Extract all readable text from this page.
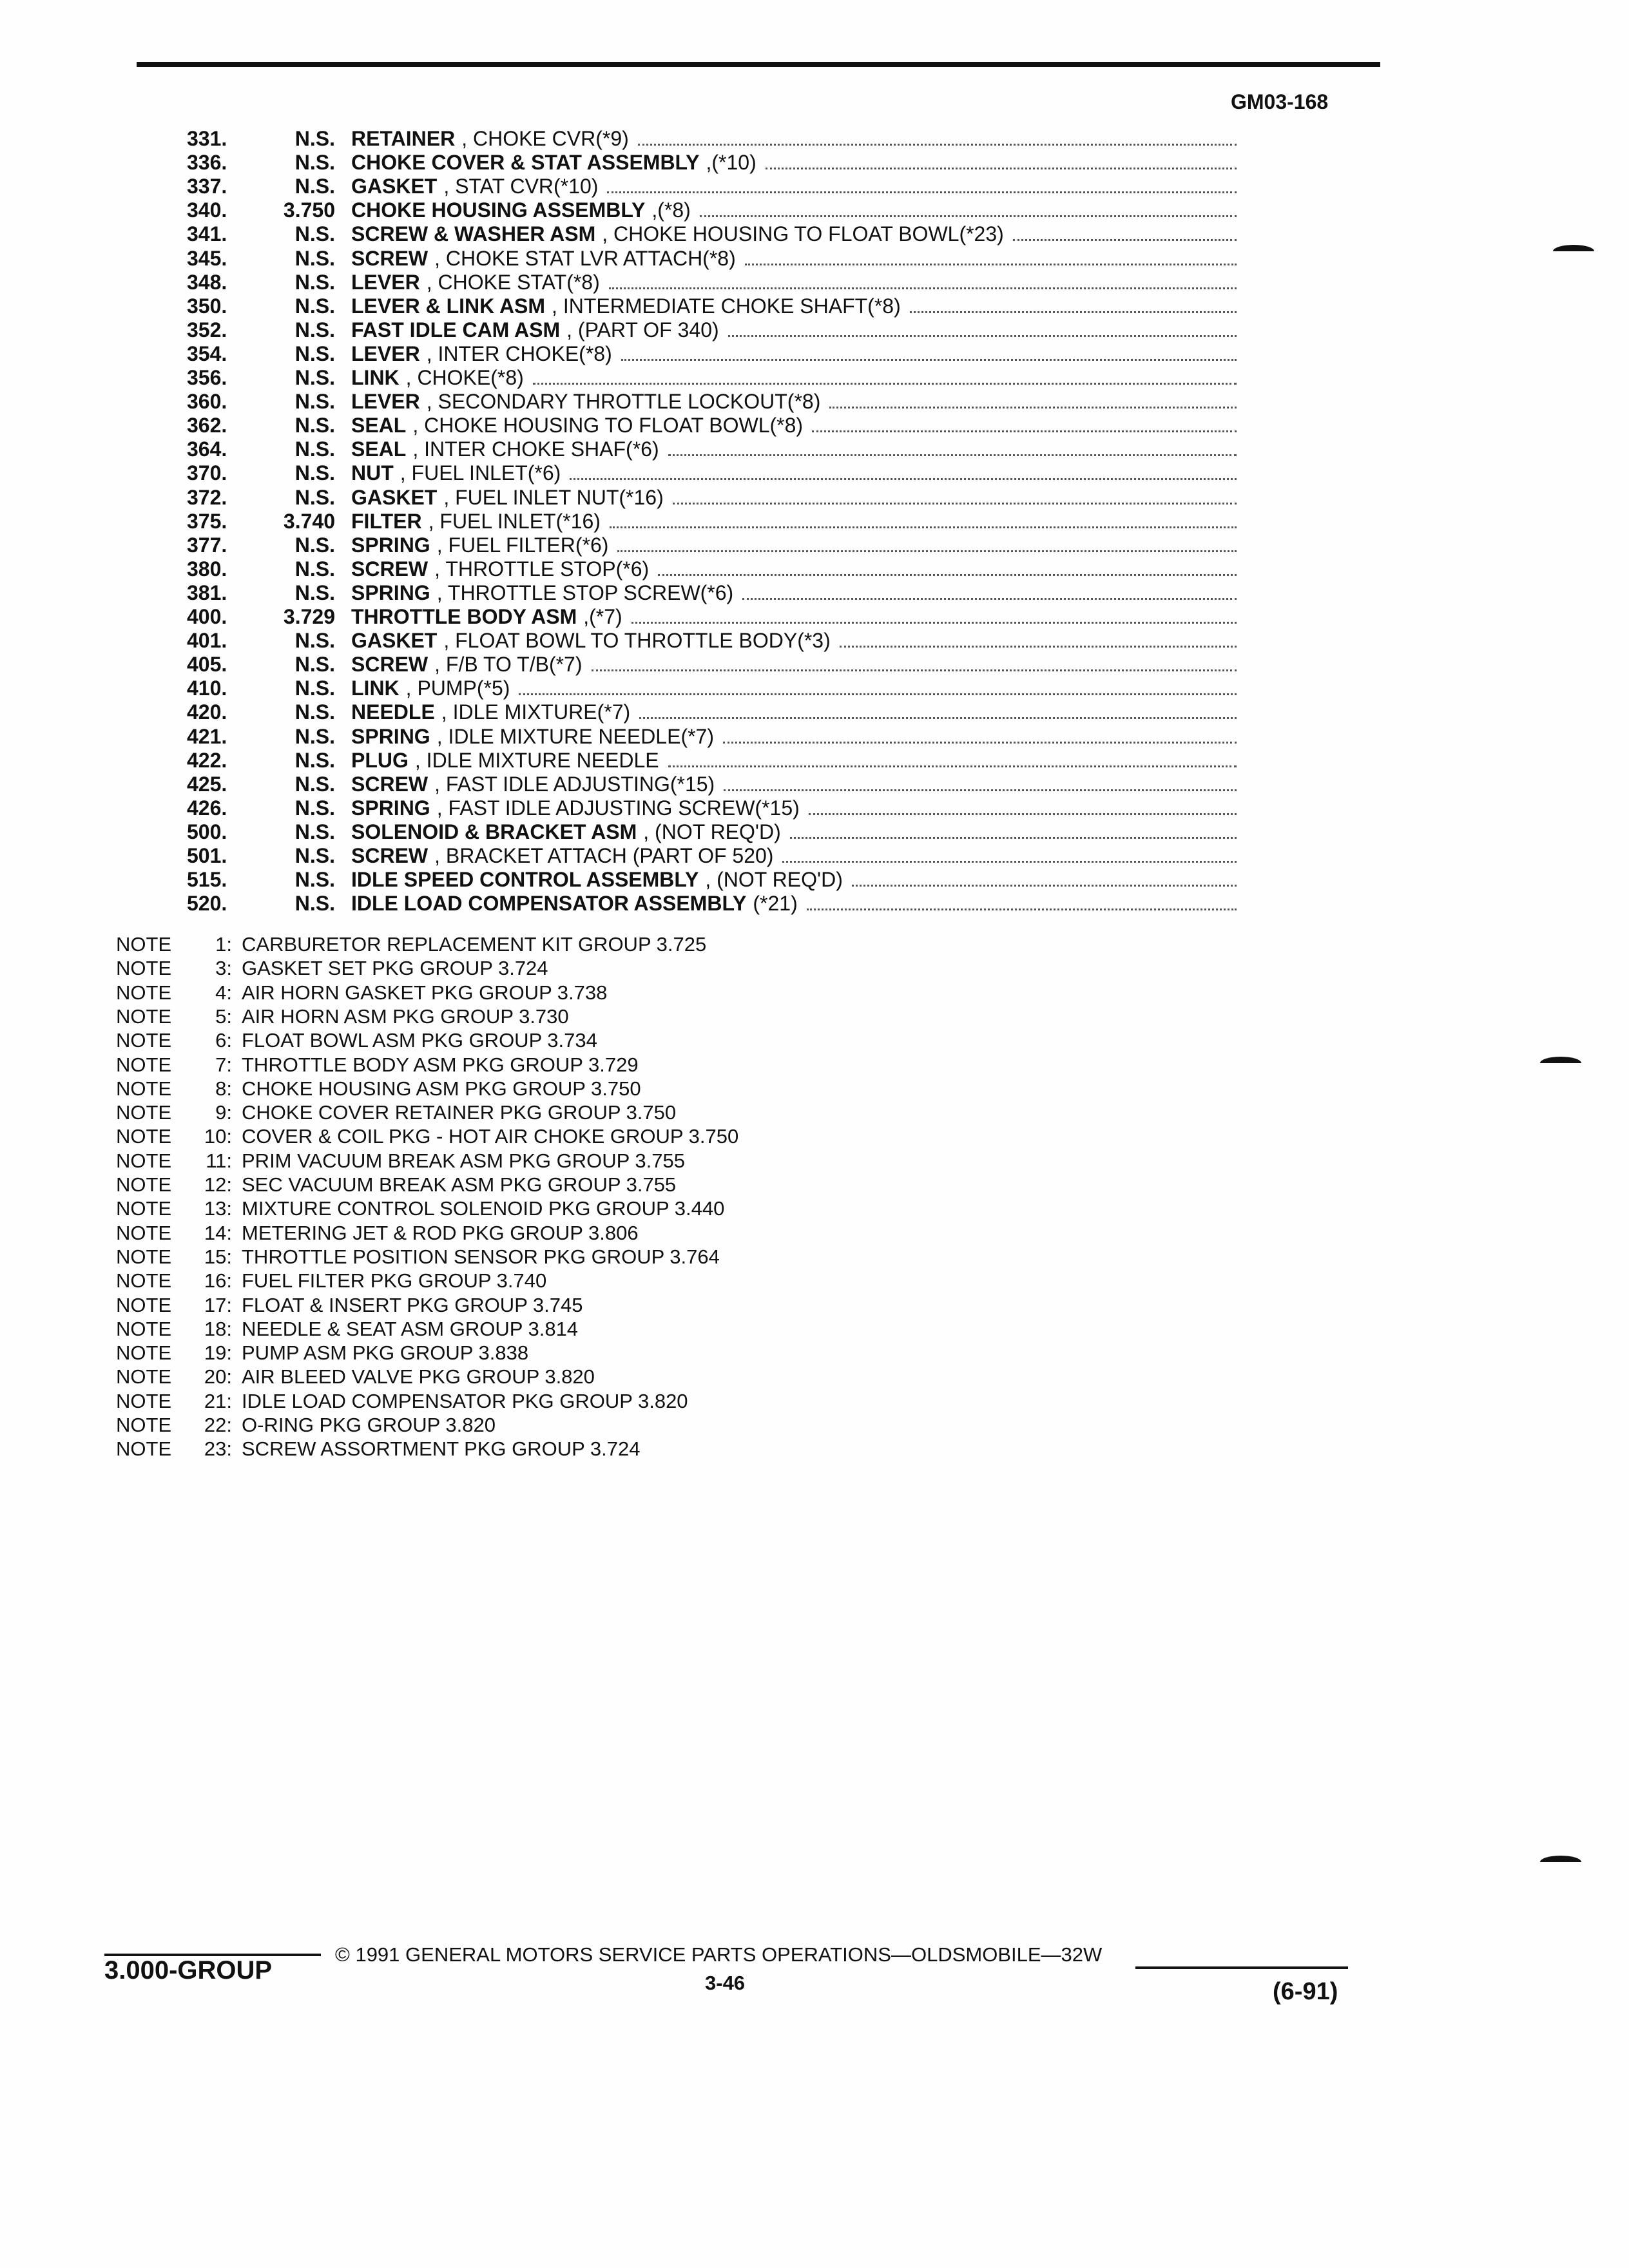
GM03-168
331.	N.S. RETAINER , CHOKE CVR(*9)
336.	N.S. CHOKE COVER & STAT ASSEMBLY ,(*10)
337.	N.S. GASKET , STAT CVR(*10)
340.	3.750 CHOKE HOUSING ASSEMBLY ,(*8)
341.	N.S. SCREW & WASHER ASM , CHOKE HOUSING TO FLOAT BOWL(*23)
345.	N.S. SCREW , CHOKE STAT LVR ATTACH(*8)
348.	N.S. LEVER , CHOKE STAT(*8)
350.	N.S. LEVER & LINK ASM , INTERMEDIATE CHOKE SHAFT(*8)
352.	N.S. FAST IDLE CAM ASM , (PART OF 340)
354.	N.S. LEVER , INTER CHOKE(*8)
356.	N.S. LINK , CHOKE(*8)
360.	N.S. LEVER , SECONDARY THROTTLE LOCKOUT(*8)
362.	N.S. SEAL , CHOKE HOUSING TO FLOAT BOWL(*8)
364.	N.S. SEAL , INTER CHOKE SHAF(*6)
370.	N.S. NUT , FUEL INLET(*6)
372.	N.S. GASKET , FUEL INLET NUT(*16)
375.	3.740 FILTER , FUEL INLET(*16)
377.	N.S. SPRING , FUEL FILTER(*6)
380.	N.S. SCREW , THROTTLE STOP(*6)
381.	N.S. SPRING , THROTTLE STOP SCREW(*6)
400.	3.729 THROTTLE BODY ASM ,(*7)
401.	N.S. GASKET , FLOAT BOWL TO THROTTLE BODY(*3)
405.	N.S. SCREW , F/B TO T/B(*7)
410.	N.S. LINK , PUMP(*5)
420.	N.S. NEEDLE , IDLE MIXTURE(*7)
421.	N.S. SPRING , IDLE MIXTURE NEEDLE(*7)
422.	N.S. PLUG , IDLE MIXTURE NEEDLE
425.	N.S. SCREW , FAST IDLE ADJUSTING(*15)
426.	N.S. SPRING , FAST IDLE ADJUSTING SCREW(*15)
500.	N.S. SOLENOID & BRACKET ASM , (NOT REQ'D)
501.	N.S. SCREW , BRACKET ATTACH (PART OF 520)
515.	N.S. IDLE SPEED CONTROL ASSEMBLY , (NOT REQ'D)
520.	N.S. IDLE LOAD COMPENSATOR ASSEMBLY (*21)
NOTE	1: CARBURETOR REPLACEMENT KIT GROUP 3.725
NOTE	3: GASKET SET PKG GROUP 3.724
NOTE	4: AIR HORN GASKET PKG GROUP 3.738
NOTE	5: AIR HORN ASM PKG GROUP 3.730
NOTE	6: FLOAT BOWL ASM PKG GROUP 3.734
NOTE	7: THROTTLE BODY ASM PKG GROUP 3.729
NOTE	8: CHOKE HOUSING ASM PKG GROUP 3.750
NOTE	9: CHOKE COVER RETAINER PKG GROUP 3.750
NOTE	10: COVER & COIL PKG - HOT AIR CHOKE GROUP 3.750
NOTE	11: PRIM VACUUM BREAK ASM PKG GROUP 3.755
NOTE	12: SEC VACUUM BREAK ASM PKG GROUP 3.755
NOTE	13: MIXTURE CONTROL SOLENOID PKG GROUP 3.440
NOTE	14: METERING JET & ROD PKG GROUP 3.806
NOTE	15: THROTTLE POSITION SENSOR PKG GROUP 3.764
NOTE	16: FUEL FILTER PKG GROUP 3.740
NOTE	17: FLOAT & INSERT PKG GROUP 3.745
NOTE	18: NEEDLE & SEAT ASM GROUP 3.814
NOTE	19: PUMP ASM PKG GROUP 3.838
NOTE	20: AIR BLEED VALVE PKG GROUP 3.820
NOTE	21: IDLE LOAD COMPENSATOR PKG GROUP 3.820
NOTE	22: O-RING PKG GROUP 3.820
NOTE	23: SCREW ASSORTMENT PKG GROUP 3.724
3.000-GROUP
© 1991 GENERAL MOTORS SERVICE PARTS OPERATIONS—OLDSMOBILE—32W
3-46	(6-91)
